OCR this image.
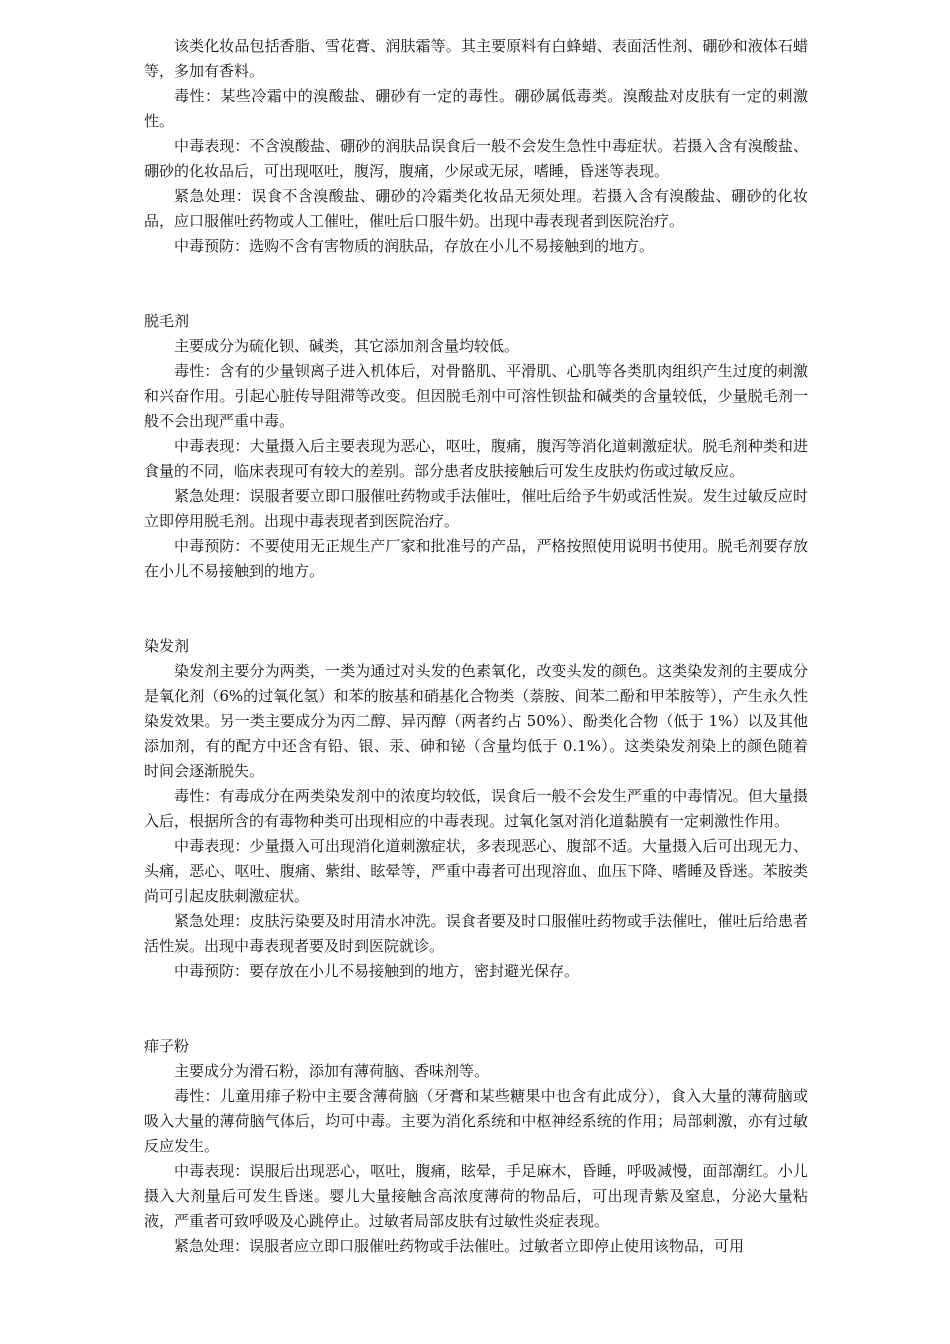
该类化妆品包括香脂、雪花膏、润肤霜等。其主要原料有白蜂蜡、表面活性剂、硼砂和液体石蜡等，多加有香料。

毒性：某些冷霜中的溴酸盐、硼砂有一定的毒性。硼砂属低毒类。溴酸盐对皮肤有一定的刺激性。

中毒表现：不含溴酸盐、硼砂的润肤品误食后一般不会发生急性中毒症状。若摄入含有溴酸盐、硼砂的化妆品后，可出现呕吐，腹泻，腹痛，少尿或无尿，嗜睡，昏迷等表现。

紧急处理：误食不含溴酸盐、硼砂的冷霜类化妆品无须处理。若摄入含有溴酸盐、硼砂的化妆品，应口服催吐药物或人工催吐，催吐后口服牛奶。出现中毒表现者到医院治疗。

中毒预防：选购不含有害物质的润肤品，存放在小儿不易接触到的地方。

脱毛剂

主要成分为硫化钡、碱类，其它添加剂含量均较低。

毒性：含有的少量钡离子进入机体后，对骨骼肌、平滑肌、心肌等各类肌肉组织产生过度的刺激和兴奋作用。引起心脏传导阻滞等改变。但因脱毛剂中可溶性钡盐和碱类的含量较低，少量脱毛剂一般不会出现严重中毒。

中毒表现：大量摄入后主要表现为恶心，呕吐，腹痛，腹泻等消化道刺激症状。脱毛剂种类和进食量的不同，临床表现可有较大的差别。部分患者皮肤接触后可发生皮肤灼伤或过敏反应。

紧急处理：误服者要立即口服催吐药物或手法催吐，催吐后给予牛奶或活性炭。发生过敏反应时立即停用脱毛剂。出现中毒表现者到医院治疗。

中毒预防：不要使用无正规生产厂家和批准号的产品，严格按照使用说明书使用。脱毛剂要存放在小儿不易接触到的地方。

染发剂

染发剂主要分为两类，一类为通过对头发的色素氧化，改变头发的颜色。这类染发剂的主要成分是氧化剂（6%的过氧化氢）和苯的胺基和硝基化合物类（萘胺、间苯二酚和甲苯胺等），产生永久性染发效果。另一类主要成分为丙二醇、异丙醇（两者约占 50%）、酚类化合物（低于 1%）以及其他添加剂，有的配方中还含有铅、银、汞、砷和铋（含量均低于 0.1%）。这类染发剂染上的颜色随着时间会逐渐脱失。

毒性：有毒成分在两类染发剂中的浓度均较低，误食后一般不会发生严重的中毒情况。但大量摄入后，根据所含的有毒物种类可出现相应的中毒表现。过氧化氢对消化道黏膜有一定刺激性作用。

中毒表现：少量摄入可出现消化道刺激症状，多表现恶心、腹部不适。大量摄入后可出现无力、头痛，恶心、呕吐、腹痛、紫绀、眩晕等，严重中毒者可出现溶血、血压下降、嗜睡及昏迷。苯胺类尚可引起皮肤刺激症状。

紧急处理：皮肤污染要及时用清水冲洗。误食者要及时口服催吐药物或手法催吐，催吐后给患者活性炭。出现中毒表现者要及时到医院就诊。

中毒预防：要存放在小儿不易接触到的地方，密封避光保存。

痱子粉

主要成分为滑石粉，添加有薄荷脑、香味剂等。

毒性：儿童用痱子粉中主要含薄荷脑（牙膏和某些糖果中也含有此成分），食入大量的薄荷脑或吸入大量的薄荷脑气体后，均可中毒。主要为消化系统和中枢神经系统的作用；局部刺激，亦有过敏反应发生。

中毒表现：误服后出现恶心，呕吐，腹痛，眩晕，手足麻木，昏睡，呼吸减慢，面部潮红。小儿摄入大剂量后可发生昏迷。婴儿大量接触含高浓度薄荷的物品后，可出现青紫及窒息，分泌大量粘液，严重者可致呼吸及心跳停止。过敏者局部皮肤有过敏性炎症表现。

紧急处理：误服者应立即口服催吐药物或手法催吐。过敏者立即停止使用该物品，可用
